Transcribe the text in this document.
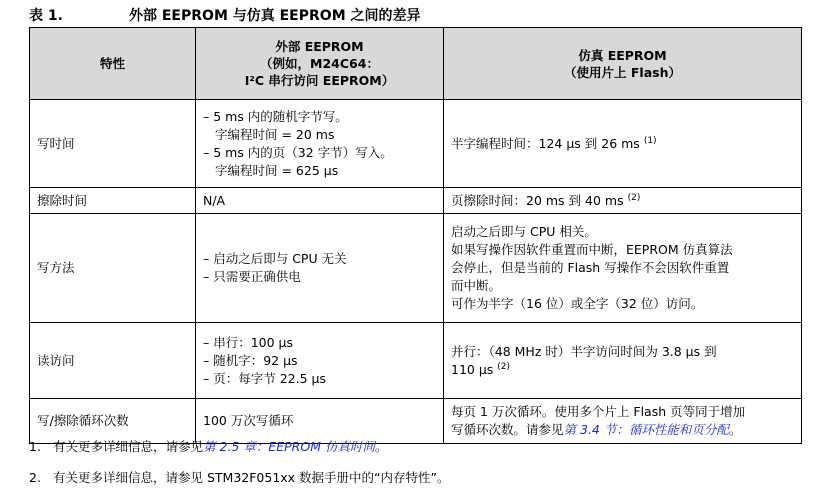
表 1.	外部 EEPROM 与仿真 EEPROM 之间的差异
特性	外部 EEPROM
（例如，M24C64：
I²C 串行访问 EEPROM）	仿真 EEPROM
（使用片上 Flash）

写时间	– 5 ms 内的随机字节写。
字编程时间 = 20 ms
– 5 ms 内的页（32 字节）写入。
字编程时间 = 625 µs	半字编程时间：124 µs 到 26 ms $^{(1)}$
擦除时间	N/A	页擦除时间：20 ms 到 40 ms $^{(2)}$
写方法	– 启动之后即与 CPU 无关
– 只需要正确供电	启动之后即与 CPU 相关。
如果写操作因软件重置而中断，EEPROM 仿真算法
会停止，但是当前的 Flash 写操作不会因软件重置
而中断。
可作为半字（16 位）或全字（32 位）访问。

读访问	– 串行：100 µs
– 随机字：92 µs
– 页：每字节 22.5 µs	并行：（48 MHz 时）半字访问时间为 3.8 µs 到
110 µs $^{(2)}$

写/擦除循环次数	100 万次写循环	每页 1 万次循环。使用多个片上 Flash 页等同于增加
写循环次数。请参见第 3.4 节：循环性能和页分配。
1. 有关更多详细信息，请参见第 2.5 章：EEPROM 仿真时间。
2. 有关更多详细信息，请参见 STM32F051xx 数据手册中的“内存特性”。
